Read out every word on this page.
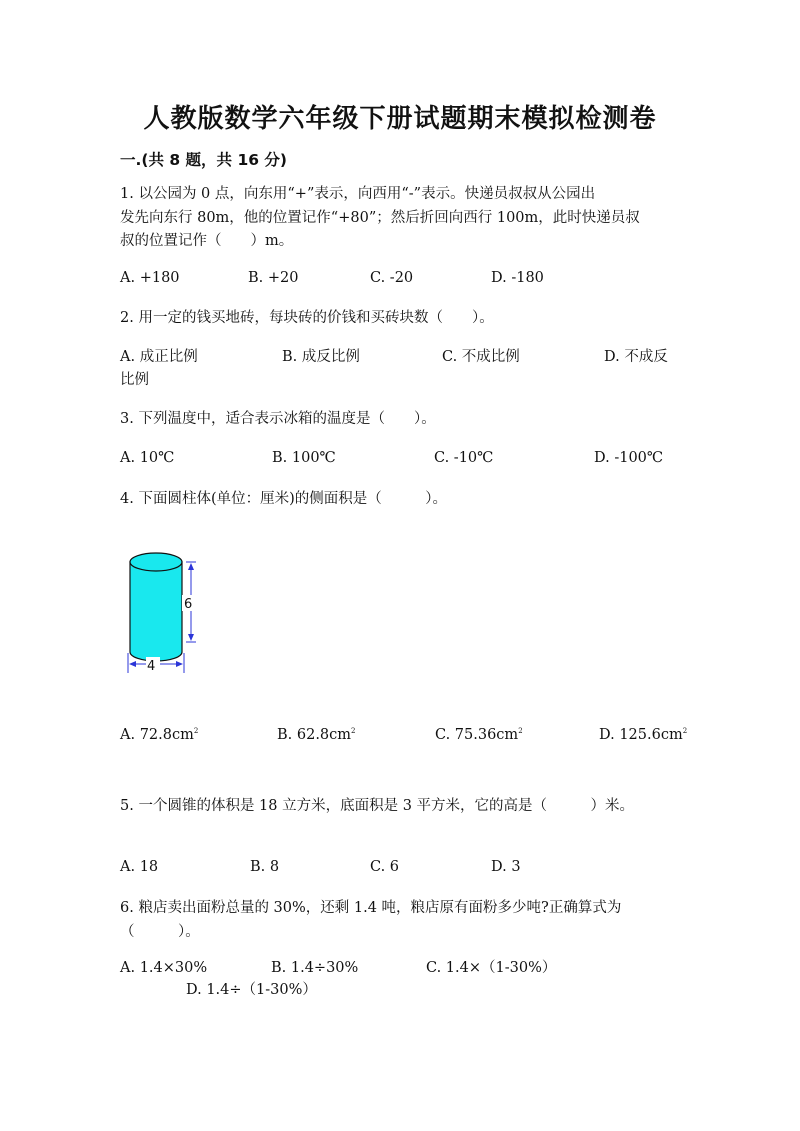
人教版数学六年级下册试题期末模拟检测卷
一.(共 8 题，共 16 分)
1. 以公园为 0 点，向东用“+”表示，向西用“-”表示。快递员叔叔从公园出
发先向东行 80m，他的位置记作“+80”；然后折回向西行 100m，此时快递员叔
叔的位置记作（　　）m。
A. +180	B. +20	C. -20	D. -180
2. 用一定的钱买地砖，每块砖的价钱和买砖块数（　　）。
A. 成正比例	B. 成反比例	C. 不成比例	D. 不成反
比例
3. 下列温度中，适合表示冰箱的温度是（　　）。
A. 10℃	B. 100℃	C. -10℃	D. -100℃
4. 下面圆柱体(单位：厘米)的侧面积是（　　　）。
6
4
A. $72.8cm^2$	B. $62.8cm^2$	C. $75.36cm^2$	D. $125.6cm^2$
5. 一个圆锥的体积是 18 立方米，底面积是 3 平方米，它的高是（　　　）米。
A. 18	B. 8	C. 6	D. 3
6. 粮店卖出面粉总量的 30%，还剩 1.4 吨，粮店原有面粉多少吨?正确算式为
（　　　）。
A. 1.4×30%	B. 1.4÷30%	C. 1.4×（1-30%）
D. 1.4÷（1-30%）
